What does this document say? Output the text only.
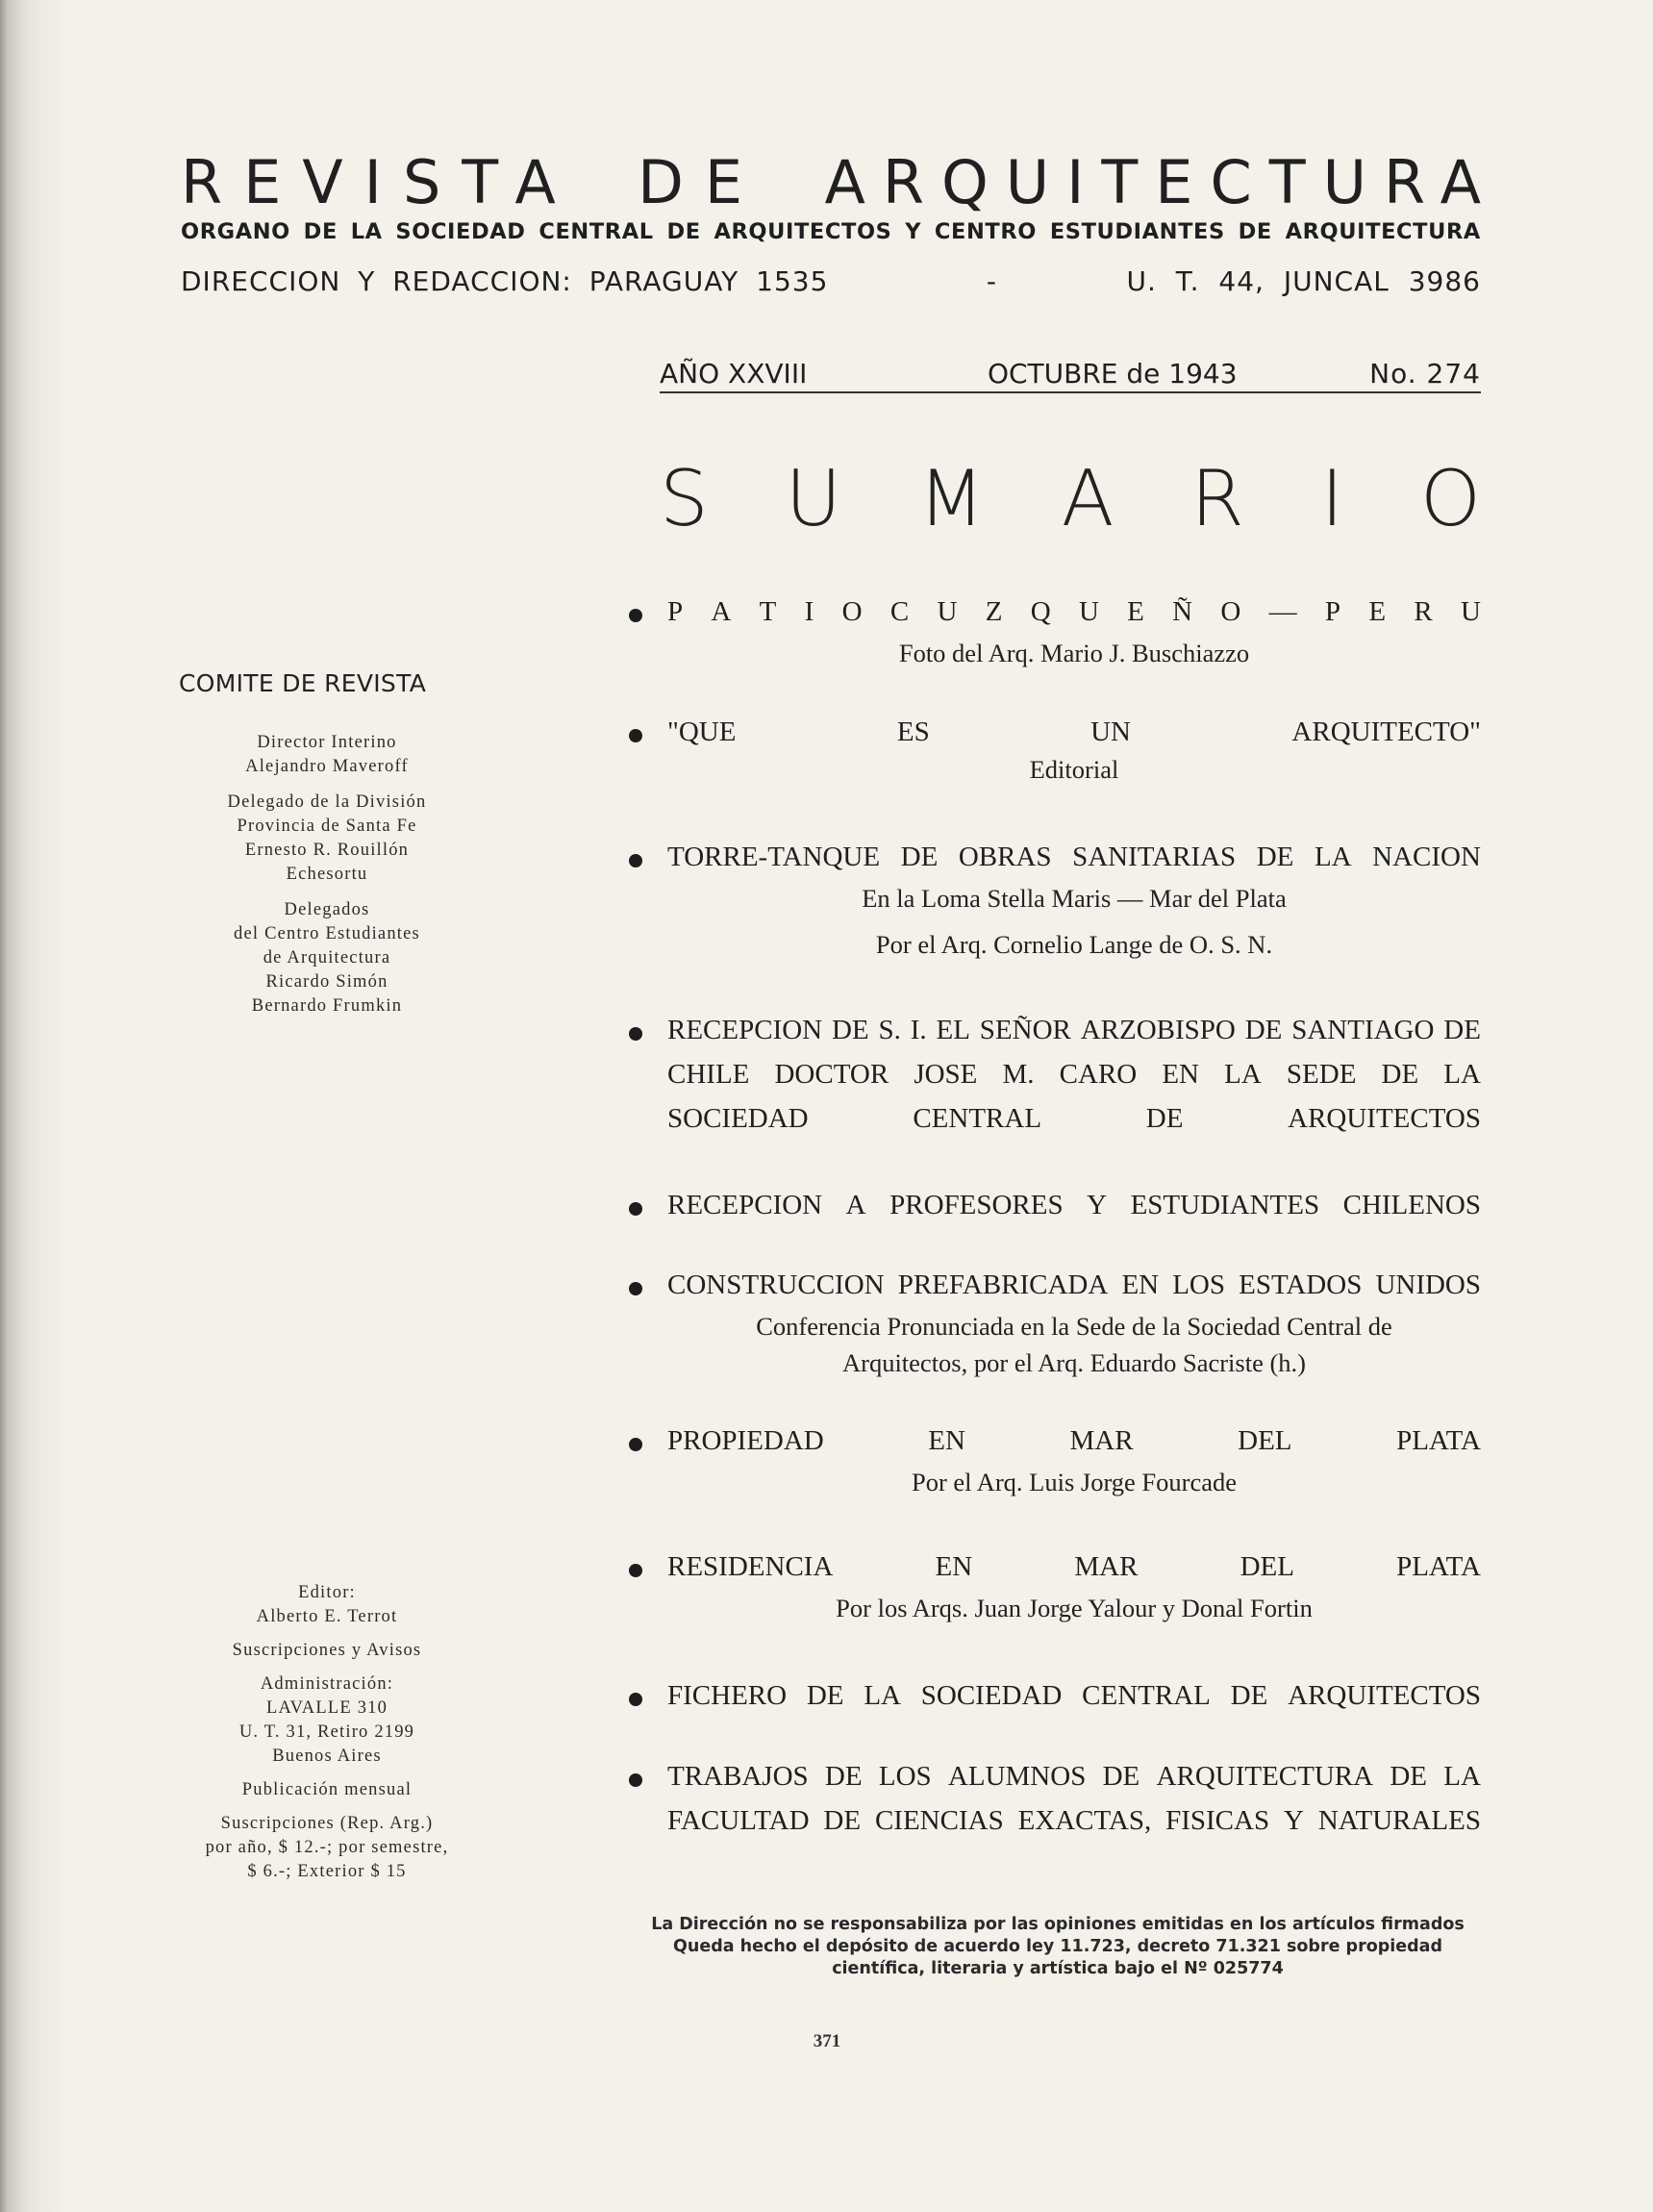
REVISTA DE ARQUITECTURA
ORGANO DE LA SOCIEDAD CENTRAL DE ARQUITECTOS Y CENTRO ESTUDIANTES DE ARQUITECTURA
DIRECCION Y REDACCION: PARAGUAY 1535	-	U. T. 44, JUNCAL 3986
AÑO XXVIII	OCTUBRE de 1943	No. 274
S U M A R I O
P A T I O C U Z Q U E Ñ O — P E R U
Foto del Arq. Mario J. Buschiazzo
"QUE	ES	UN	ARQUITECTO"
Editorial
TORRE-TANQUE DE OBRAS SANITARIAS DE LA NACION
En la Loma Stella Maris — Mar del Plata
Por el Arq. Cornelio Lange de O. S. N.
RECEPCION DE S. I. EL SEÑOR ARZOBISPO DE SANTIAGO DE
CHILE DOCTOR JOSE M. CARO EN LA SEDE DE LA
SOCIEDAD	CENTRAL	DE	ARQUITECTOS
RECEPCION A PROFESORES Y ESTUDIANTES CHILENOS
CONSTRUCCION PREFABRICADA EN LOS ESTADOS UNIDOS
Conferencia Pronunciada en la Sede de la Sociedad Central de
Arquitectos, por el Arq. Eduardo Sacriste (h.)
PROPIEDAD	EN	MAR	DEL	PLATA
Por el Arq. Luis Jorge Fourcade
RESIDENCIA	EN	MAR	DEL	PLATA
Por los Arqs. Juan Jorge Yalour y Donal Fortin
FICHERO DE LA SOCIEDAD CENTRAL DE ARQUITECTOS
TRABAJOS DE LOS ALUMNOS DE ARQUITECTURA DE LA
FACULTAD DE CIENCIAS EXACTAS, FISICAS Y NATURALES
COMITE DE REVISTA
Director Interino
Alejandro Maveroff
Delegado de la División
Provincia de Santa Fe
Ernesto R. Rouillón
Echesortu
Delegados
del Centro Estudiantes
de Arquitectura
Ricardo Simón
Bernardo Frumkin
Editor:
Alberto E. Terrot
Suscripciones y Avisos
Administración:
LAVALLE 310
U. T. 31, Retiro 2199
Buenos Aires
Publicación mensual
Suscripciones (Rep. Arg.)
por año, $ 12.-; por semestre,
$ 6.-; Exterior $ 15
La Dirección no se responsabiliza por las opiniones emitidas en los artículos firmados
Queda hecho el depósito de acuerdo ley 11.723, decreto 71.321 sobre propiedad
científica, literaria y artística bajo el Nº 025774
371
